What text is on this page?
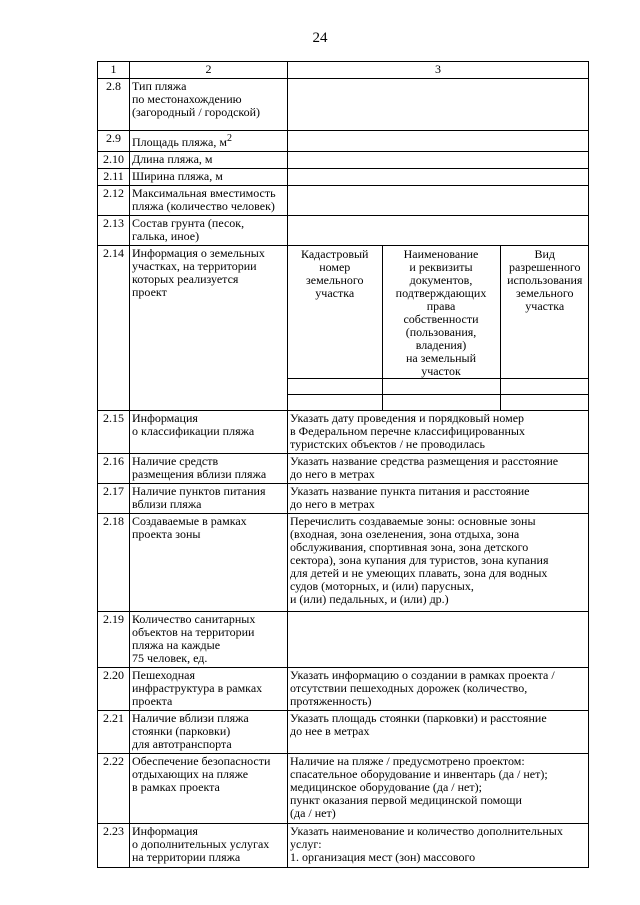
24
1	2	3
2.8	Тип пляжа
по местонахождению
(загородный / городской)	
2.9	Площадь пляжа, $м^2$	
2.10	Длина пляжа, м	
2.11	Ширина пляжа, м	
2.12	Максимальная вместимость
пляжа (количество человек)	
2.13	Состав грунта (песок,
галька, иное)	
2.14	Информация о земельных
участках, на территории
которых реализуется
проект	
Кадастровый
номер
земельного
участка	Наименование
и реквизиты
документов,
подтверждающих
права
собственности
(пользования,
владения)
на земельный
участок	Вид
разрешенного
использования
земельного
участка

2.15	Информация
о классификации пляжа	Указать дату проведения и порядковый номер
в Федеральном перечне классифицированных
туристских объектов / не проводилась
2.16	Наличие средств
размещения вблизи пляжа	Указать название средства размещения и расстояние
до него в метрах
2.17	Наличие пунктов питания
вблизи пляжа	Указать название пункта питания и расстояние
до него в метрах
2.18	Создаваемые в рамках
проекта зоны	Перечислить создаваемые зоны: основные зоны
(входная, зона озеленения, зона отдыха, зона
обслуживания, спортивная зона, зона детского
сектора), зона купания для туристов, зона купания
для детей и не умеющих плавать, зона для водных
судов (моторных, и (или) парусных,
и (или) педальных, и (или) др.)
2.19	Количество санитарных
объектов на территории
пляжа на каждые
75 человек, ед.	
2.20	Пешеходная
инфраструктура в рамках
проекта	Указать информацию о создании в рамках проекта /
отсутствии пешеходных дорожек (количество,
протяженность)
2.21	Наличие вблизи пляжа
стоянки (парковки)
для автотранспорта	Указать площадь стоянки (парковки) и расстояние
до нее в метрах
2.22	Обеспечение безопасности
отдыхающих на пляже
в рамках проекта	Наличие на пляже / предусмотрено проектом:
спасательное оборудование и инвентарь (да / нет);
медицинское оборудование (да / нет);
пункт оказания первой медицинской помощи
(да / нет)
2.23	Информация
о дополнительных услугах
на территории пляжа	Указать наименование и количество дополнительных
услуг:
1. организация мест (зон) массового
